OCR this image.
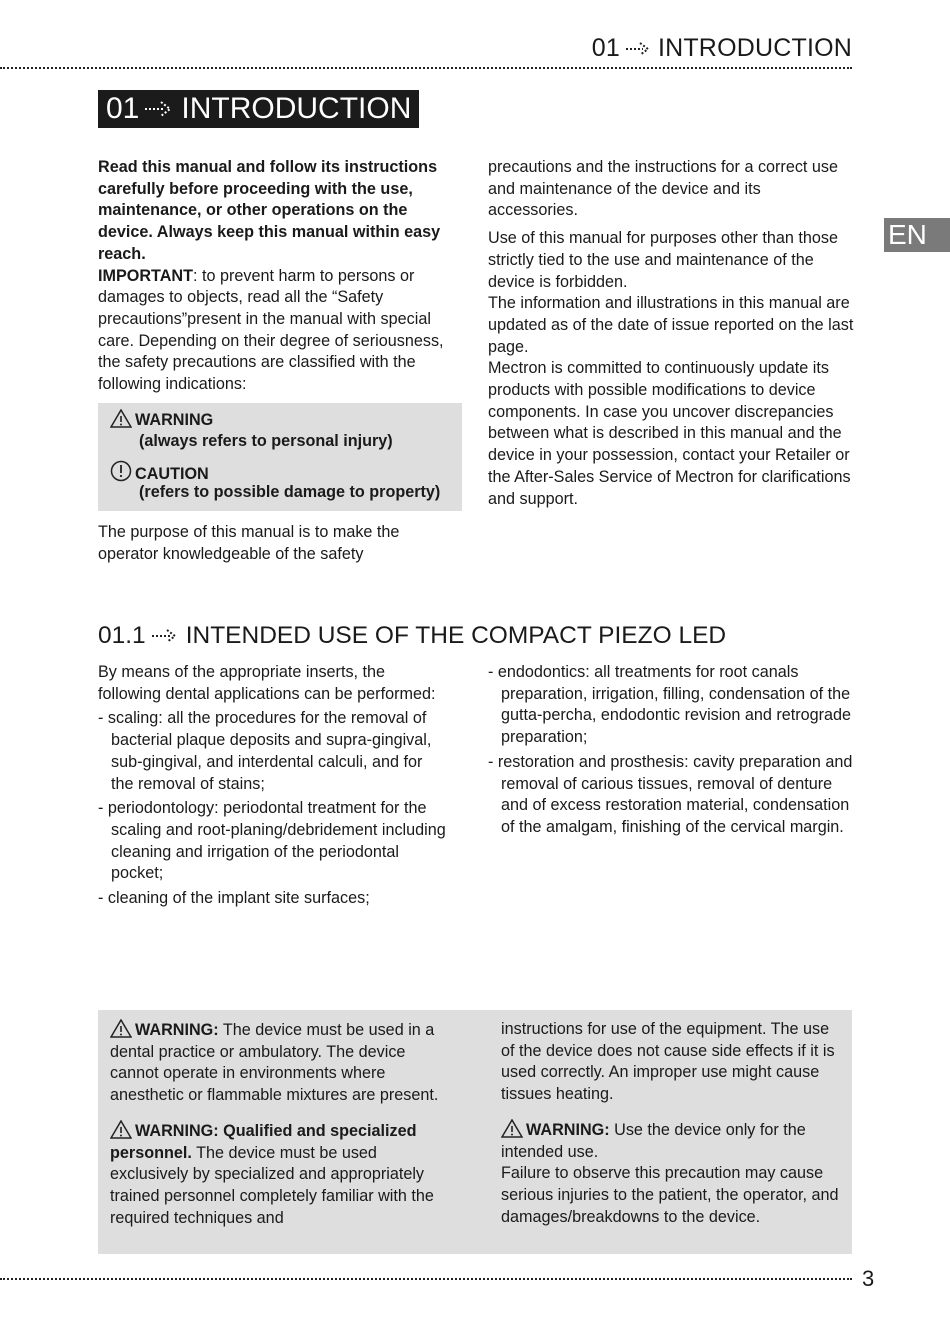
01 INTRODUCTION
01 INTRODUCTION
EN

Read this manual and follow its instructions carefully before proceeding with the use, maintenance, or other operations on the device. Always keep this manual within easy reach.

IMPORTANT: to prevent harm to persons or damages to objects, read all the “Safety precautions”present in the manual with special care. Depending on their degree of seriousness, the safety precautions are classified with the following indications:

WARNING
(always refers to personal injury)
CAUTION
(refers to possible damage to property)

The purpose of this manual is to make the operator knowledgeable of the safety

precautions and the instructions for a correct use and maintenance of the device and its accessories.

Use of this manual for purposes other than those strictly tied to the use and maintenance of the device is forbidden.

The information and illustrations in this manual are updated as of the date of issue reported on the last page.

Mectron is committed to continuously update its products with possible modifications to device components. In case you uncover discrepancies between what is described in this manual and the device in your possession, contact your Retailer or the After-Sales Service of Mectron for clarifications and support.

01.1 INTENDED USE OF THE COMPACT PIEZO LED

By means of the appropriate inserts, the following dental applications can be performed:

- scaling: all the procedures for the removal of bacterial plaque deposits and supra-gingival, sub-gingival, and interdental calculi, and for the removal of stains;

- periodontology: periodontal treatment for the scaling and root-planing/debridement including cleaning and irrigation of the periodontal pocket;

- cleaning of the implant site surfaces;

- endodontics: all treatments for root canals preparation, irrigation, filling, condensation of the gutta-percha, endodontic revision and retrograde preparation;

- restoration and prosthesis: cavity preparation and removal of carious tissues, removal of denture and of excess restoration material, condensation of the amalgam, finishing of the cervical margin.

WARNING: The device must be used in a dental practice or ambulatory. The device cannot operate in environments where anesthetic or flammable mixtures are present.

WARNING: Qualified and specialized personnel. The device must be used exclusively by specialized and appropriately trained personnel completely familiar with the required techniques and

instructions for use of the equipment. The use of the device does not cause side effects if it is used correctly. An improper use might cause tissues heating.

WARNING: Use the device only for the intended use.

Failure to observe this precaution may cause serious injuries to the patient, the operator, and damages/breakdowns to the device.

3
